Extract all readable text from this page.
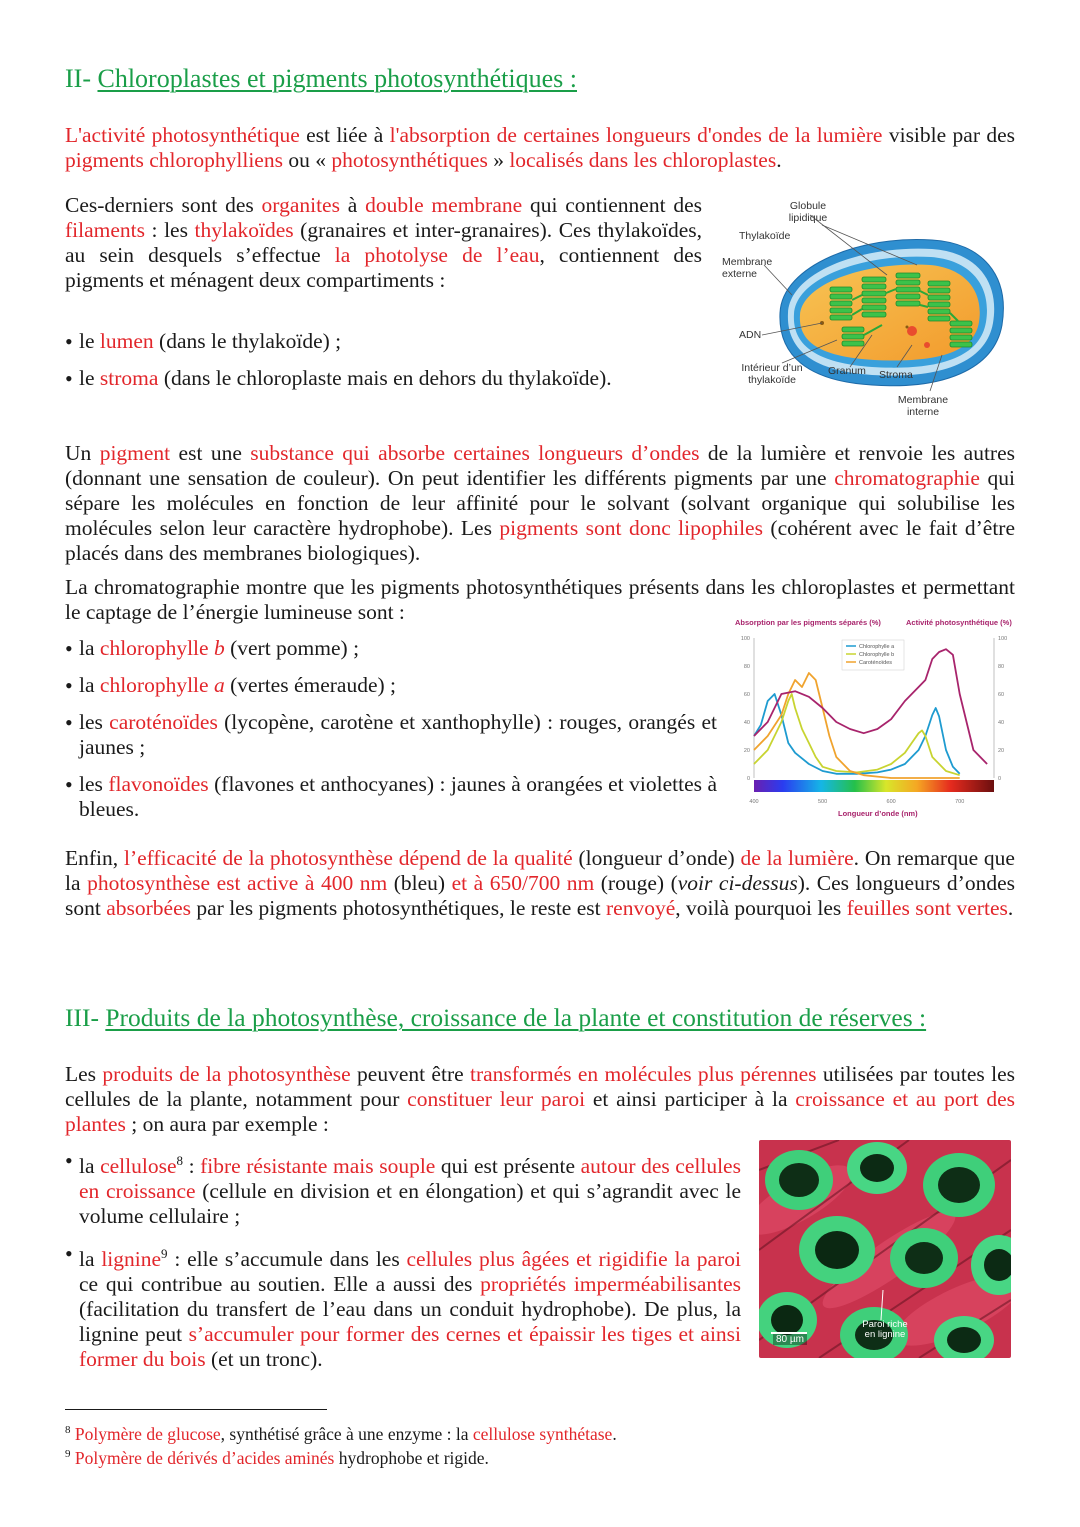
II- Chloroplastes et pigments photosynthétiques :

L'activité photosynthétique est liée à l'absorption de certaines longueurs d'ondes de la lumière visible par des pigments chlorophylliens ou « photosynthétiques » localisés dans les chloroplastes.

Ces-derniers sont des organites à double membrane qui contiennent des filaments : les thylakoïdes (granaires et inter-granaires). Ces thylakoïdes, au sein desquels s’effectue la photolyse de l’eau, contiennent des pigments et ménagent deux compartiments :

• le lumen (dans le thylakoïde) ;
• le stroma (dans le chloroplaste mais en dehors du thylakoïde).
Globule lipidique
Thylakoïde
Membrane externe
ADN
Intérieur d’un thylakoïde
Granum Stroma
Membrane interne

Un pigment est une substance qui absorbe certaines longueurs d’ondes de la lumière et renvoie les autres (donnant une sensation de couleur). On peut identifier les différents pigments par une chromatographie qui sépare les molécules en fonction de leur affinité pour le solvant (solvant organique qui solubilise les molécules selon leur caractère hydrophobe). Les pigments sont donc lipophiles (cohérent avec le fait d’être placés dans des membranes biologiques).

La chromatographie montre que les pigments photosynthétiques présents dans les chloroplastes et permettant le captage de l’énergie lumineuse sont :

• la chlorophylle b (vert pomme) ;
• la chlorophylle a (vertes émeraude) ;
• les caroténoïdes (lycopène, carotène et xanthophylle) : rouges, orangés et jaunes ;
• les flavonoïdes (flavones et anthocyanes) : jaunes à orangées et violettes à bleues.
0	0
20	20
40	40
60	60
80	80
100	100
400	500	600	700
Chlorophylle a
Chlorophylle b
Caroténoïdes
Absorption par les pigments séparés (%)	Activité photosynthétique (%)
Longueur d’onde (nm)

Enfin, l’efficacité de la photosynthèse dépend de la qualité (longueur d’onde) de la lumière. On remarque que la photosynthèse est active à 400 nm (bleu) et à 650/700 nm (rouge) (voir ci-dessus). Ces longueurs d’ondes sont absorbées par les pigments photosynthétiques, le reste est renvoyé, voilà pourquoi les feuilles sont vertes.

III- Produits de la photosynthèse, croissance de la plante et constitution de réserves :

Les produits de la photosynthèse peuvent être transformés en molécules plus pérennes utilisées par toutes les cellules de la plante, notamment pour constituer leur paroi et ainsi participer à la croissance et au port des plantes ; on aura par exemple :

• la cellulose$^8$ : fibre résistante mais souple qui est présente autour des cellules en croissance (cellule en division et en élongation) et qui s’agrandit avec le volume cellulaire ;
• la lignine$^9$ : elle s’accumule dans les cellules plus âgées et rigidifie la paroi ce qui contribue au soutien. Elle a aussi des propriétés imperméabilisantes (facilitation du transfert de l’eau dans un conduit hydrophobe). De plus, la lignine peut s’accumuler pour former des cernes et épaissir les tiges et ainsi former du bois (et un tronc).
80 µm
Paroi riche en lignine
$^8$ Polymère de glucose, synthétisé grâce à une enzyme : la cellulose synthétase.
$^9$ Polymère de dérivés d’acides aminés hydrophobe et rigide.
